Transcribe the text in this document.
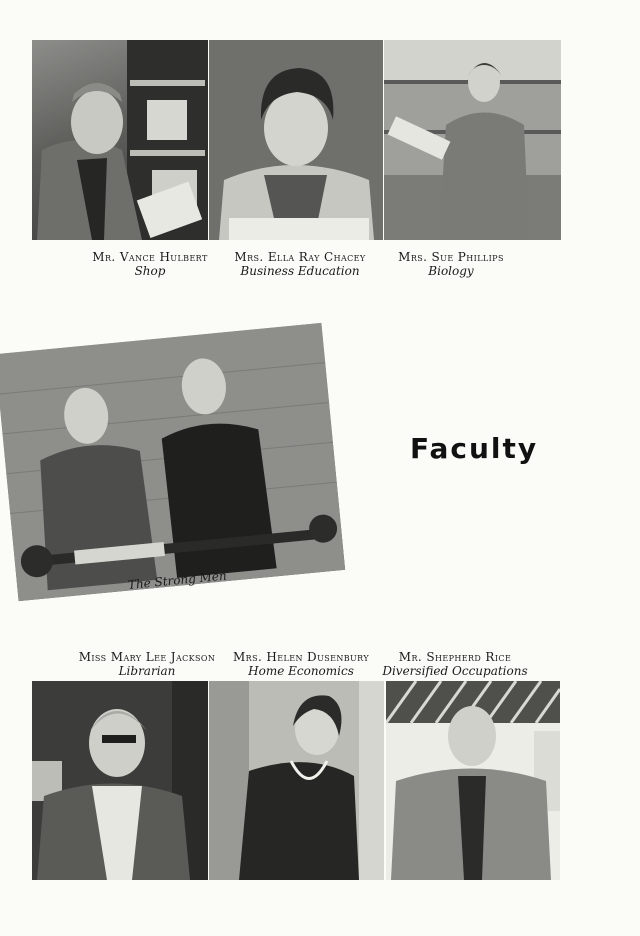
Mr. Vance Hulbert
Shop
Mrs. Ella Ray Chacey
Business Education
Mrs. Sue Phillips
Biology
The Strong Men
Faculty
Miss Mary Lee Jackson
Librarian
Mrs. Helen Dusenbury
Home Economics
Mr. Shepherd Rice
Diversified Occupations
